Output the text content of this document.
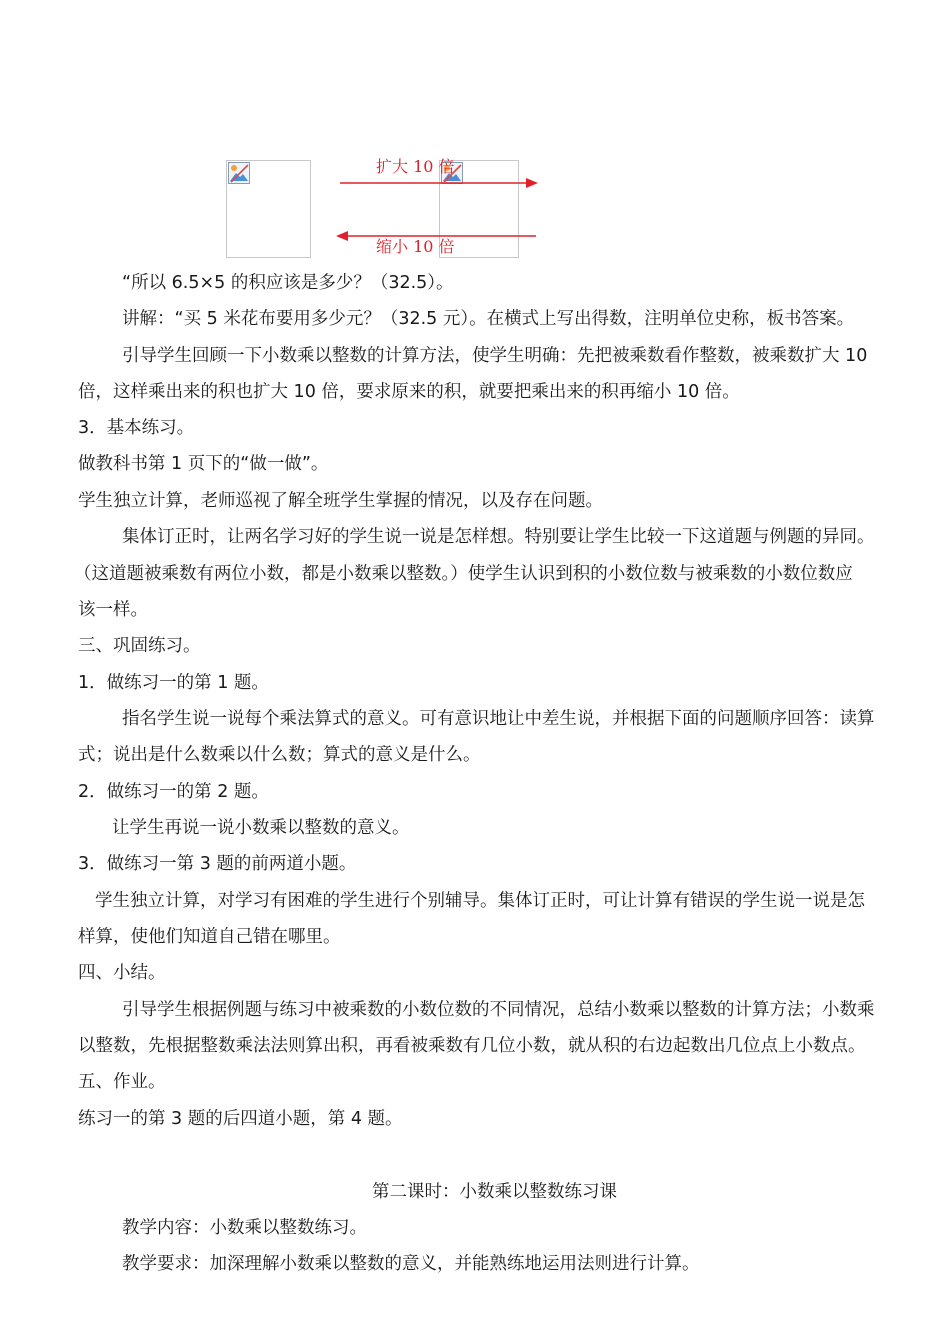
扩大 10 倍
缩小 10 倍
“所以 6.5×5 的积应该是多少？（32.5）。
讲解：“买 5 米花布要用多少元？（32.5 元）。在横式上写出得数，注明单位史称，板书答案。
引导学生回顾一下小数乘以整数的计算方法，使学生明确：先把被乘数看作整数，被乘数扩大 10
倍，这样乘出来的积也扩大 10 倍，要求原来的积，就要把乘出来的积再缩小 10 倍。
3．基本练习。
做教科书第 1 页下的“做一做”。
学生独立计算，老师巡视了解全班学生掌握的情况，以及存在问题。
集体订正时，让两名学习好的学生说一说是怎样想。特别要让学生比较一下这道题与例题的异同。
（这道题被乘数有两位小数，都是小数乘以整数。）使学生认识到积的小数位数与被乘数的小数位数应
该一样。
三、巩固练习。
1．做练习一的第 1 题。
指名学生说一说每个乘法算式的意义。可有意识地让中差生说，并根据下面的问题顺序回答：读算
式；说出是什么数乘以什么数；算式的意义是什么。
2．做练习一的第 2 题。
让学生再说一说小数乘以整数的意义。
3．做练习一第 3 题的前两道小题。
学生独立计算，对学习有困难的学生进行个别辅导。集体订正时，可让计算有错误的学生说一说是怎
样算，使他们知道自己错在哪里。
四、小结。
引导学生根据例题与练习中被乘数的小数位数的不同情况，总结小数乘以整数的计算方法；小数乘
以整数，先根据整数乘法法则算出积，再看被乘数有几位小数，就从积的右边起数出几位点上小数点。
五、作业。
练习一的第 3 题的后四道小题，第 4 题。
第二课时：小数乘以整数练习课
教学内容：小数乘以整数练习。
教学要求：加深理解小数乘以整数的意义，并能熟练地运用法则进行计算。
